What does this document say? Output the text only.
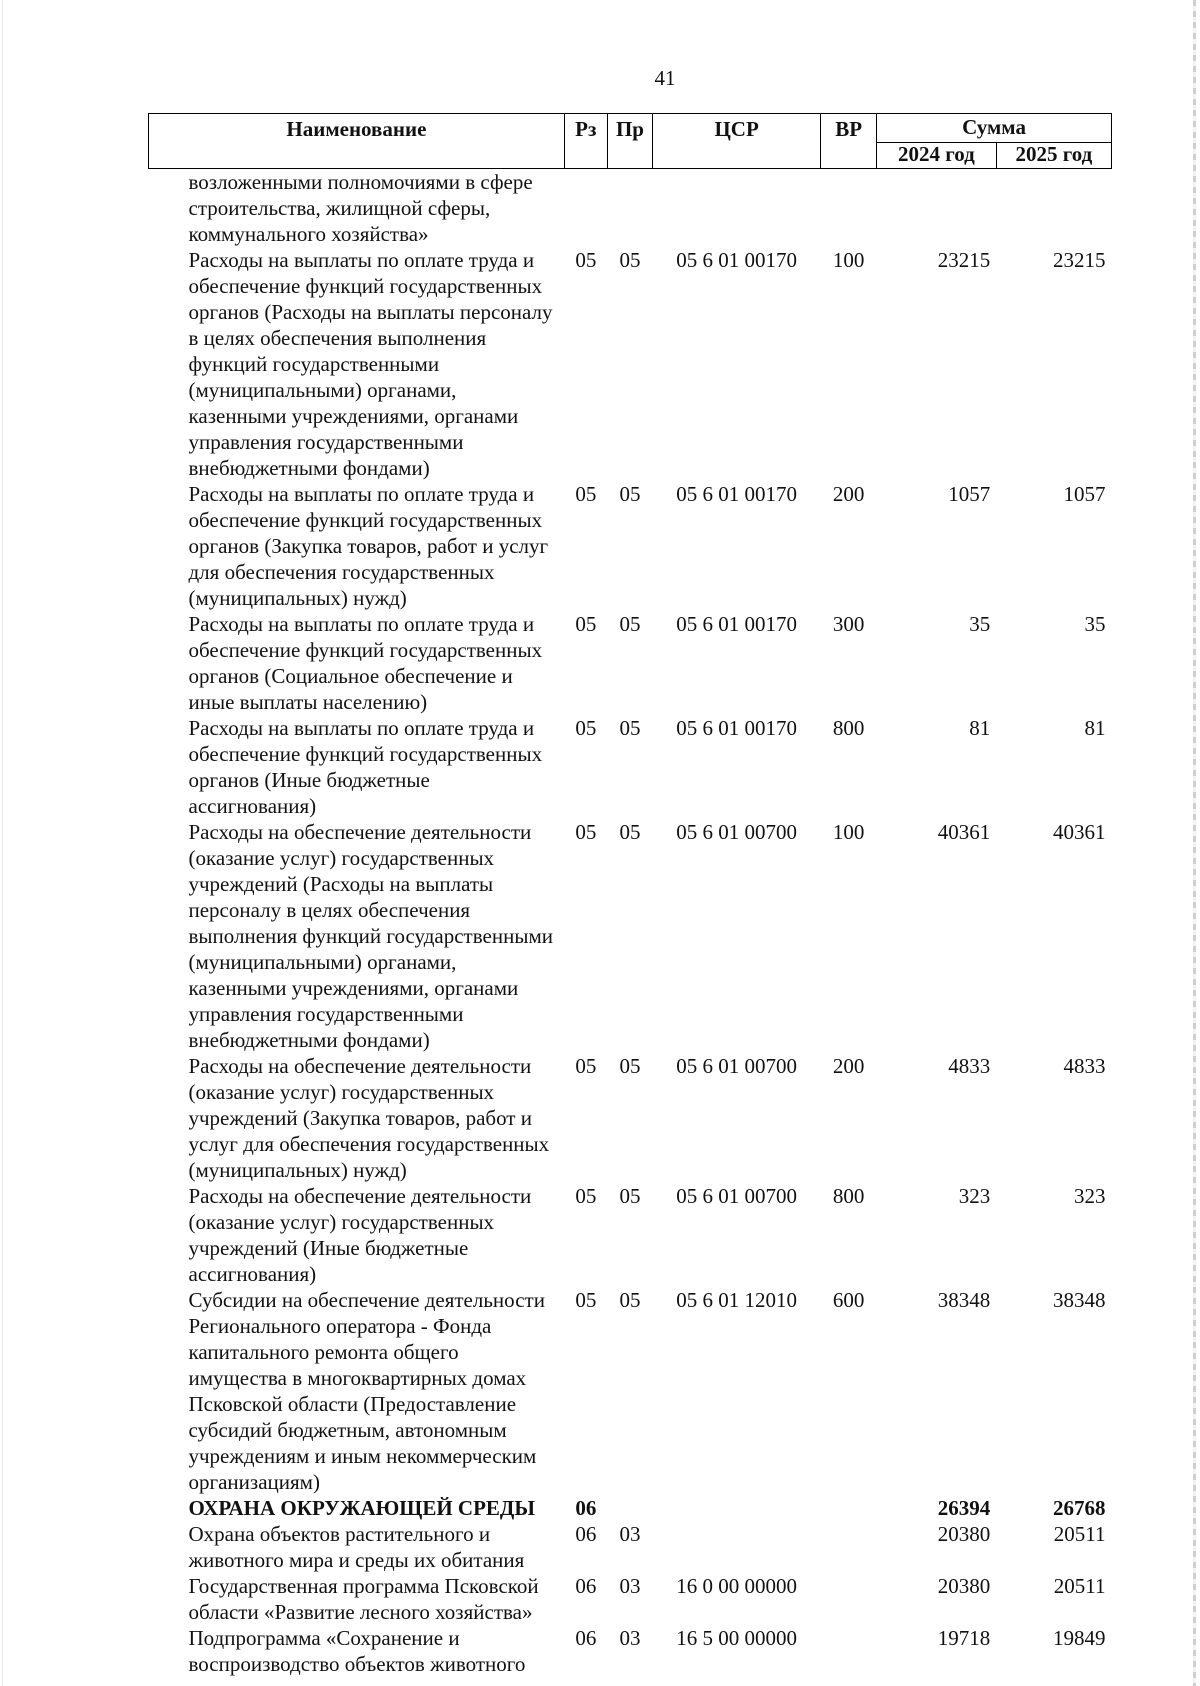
41
Наименование	Рз	Пр	ЦСР	ВР	Сумма	
					2024 год	2025 год
возложенными полномочиями в сфере строительства, жилищной сферы, коммунального хозяйства»						
Расходы на выплаты по оплате труда и обеспечение функций государственных органов (Расходы на выплаты персоналу в целях обеспечения выполнения функций государственными (муниципальными) органами, казенными учреждениями, органами управления государственными внебюджетными фондами)	05	05	05 6 01 00170	100	23215	23215
Расходы на выплаты по оплате труда и обеспечение функций государственных органов (Закупка товаров, работ и услуг для обеспечения государственных (муниципальных) нужд)	05	05	05 6 01 00170	200	1057	1057
Расходы на выплаты по оплате труда и обеспечение функций государственных органов (Социальное обеспечение и иные выплаты населению)	05	05	05 6 01 00170	300	35	35
Расходы на выплаты по оплате труда и обеспечение функций государственных органов (Иные бюджетные ассигнования)	05	05	05 6 01 00170	800	81	81
Расходы на обеспечение деятельности (оказание услуг) государственных учреждений (Расходы на выплаты персоналу в целях обеспечения выполнения функций государственными (муниципальными) органами, казенными учреждениями, органами управления государственными внебюджетными фондами)	05	05	05 6 01 00700	100	40361	40361
Расходы на обеспечение деятельности (оказание услуг) государственных учреждений (Закупка товаров, работ и услуг для обеспечения государственных (муниципальных) нужд)	05	05	05 6 01 00700	200	4833	4833
Расходы на обеспечение деятельности (оказание услуг) государственных учреждений (Иные бюджетные ассигнования)	05	05	05 6 01 00700	800	323	323
Субсидии на обеспечение деятельности Регионального оператора - Фонда капитального ремонта общего имущества в многоквартирных домах Псковской области (Предоставление субсидий бюджетным, автономным учреждениям и иным некоммерческим организациям)	05	05	05 6 01 12010	600	38348	38348
ОХРАНА ОКРУЖАЮЩЕЙ СРЕДЫ	06				26394	26768
Охрана объектов растительного и животного мира и среды их обитания	06	03			20380	20511
Государственная программа Псковской области «Развитие лесного хозяйства»	06	03	16 0 00 00000		20380	20511
Подпрограмма «Сохранение и воспроизводство объектов животного	06	03	16 5 00 00000		19718	19849
